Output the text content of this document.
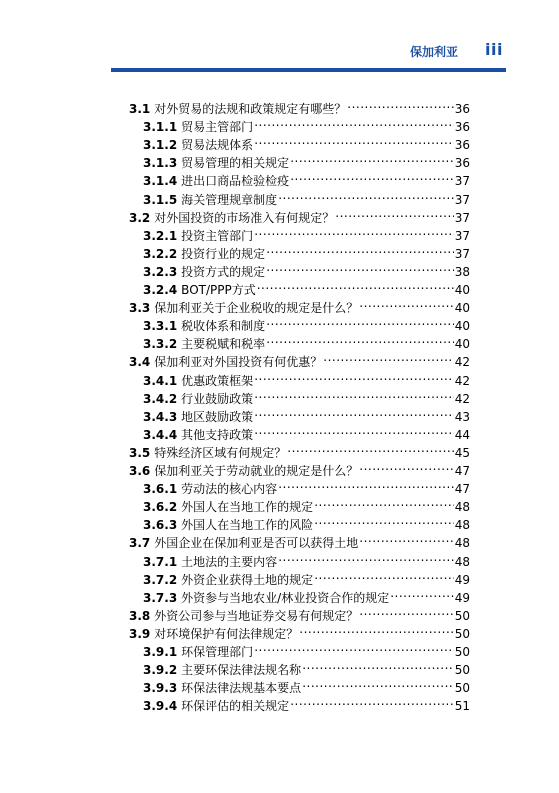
保加利亚 iii
3.1 对外贸易的法规和政策规定有哪些？ .....	36
3.1.1 贸易主管部门 .....	36
3.1.2 贸易法规体系 .....	36
3.1.3 贸易管理的相关规定 .....	36
3.1.4 进出口商品检验检疫 .....	37
3.1.5 海关管理规章制度 .....	37
3.2 对外国投资的市场准入有何规定？ .....	37
3.2.1 投资主管部门 .....	37
3.2.2 投资行业的规定 .....	37
3.2.3 投资方式的规定 .....	38
3.2.4 BOT/PPP方式 .....	40
3.3 保加利亚关于企业税收的规定是什么？ .....	40
3.3.1 税收体系和制度 .....	40
3.3.2 主要税赋和税率 .....	40
3.4 保加利亚对外国投资有何优惠？ .....	42
3.4.1 优惠政策框架 .....	42
3.4.2 行业鼓励政策 .....	42
3.4.3 地区鼓励政策 .....	43
3.4.4 其他支持政策 .....	44
3.5 特殊经济区域有何规定？ .....	45
3.6 保加利亚关于劳动就业的规定是什么？ .....	47
3.6.1 劳动法的核心内容 .....	47
3.6.2 外国人在当地工作的规定 .....	48
3.6.3 外国人在当地工作的风险 .....	48
3.7 外国企业在保加利亚是否可以获得土地 .....	48
3.7.1 土地法的主要内容 .....	48
3.7.2 外资企业获得土地的规定 .....	49
3.7.3 外资参与当地农业/林业投资合作的规定 .....	49
3.8 外资公司参与当地证券交易有何规定？ .....	50
3.9 对环境保护有何法律规定？ .....	50
3.9.1 环保管理部门 .....	50
3.9.2 主要环保法律法规名称 .....	50
3.9.3 环保法律法规基本要点 .....	50
3.9.4 环保评估的相关规定 .....	51
